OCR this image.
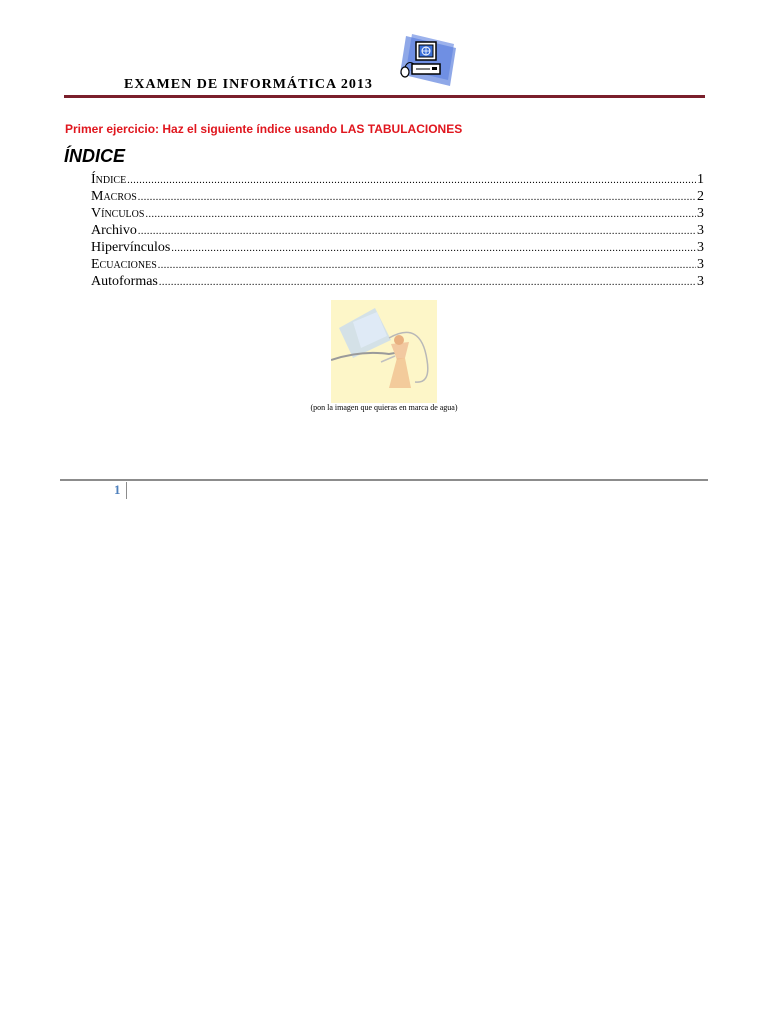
EXAMEN DE INFORMÁTICA 2013
Primer ejercicio: Haz el siguiente índice usando LAS TABULACIONES
ÍNDICE
Índice .....	1
Macros .....	2
Vínculos .....	3
Archivo .....	3
Hipervínculos .....	3
Ecuaciones .....	3
Autoformas .....	3
(pon la imagen que quieras en marca de agua)
1
